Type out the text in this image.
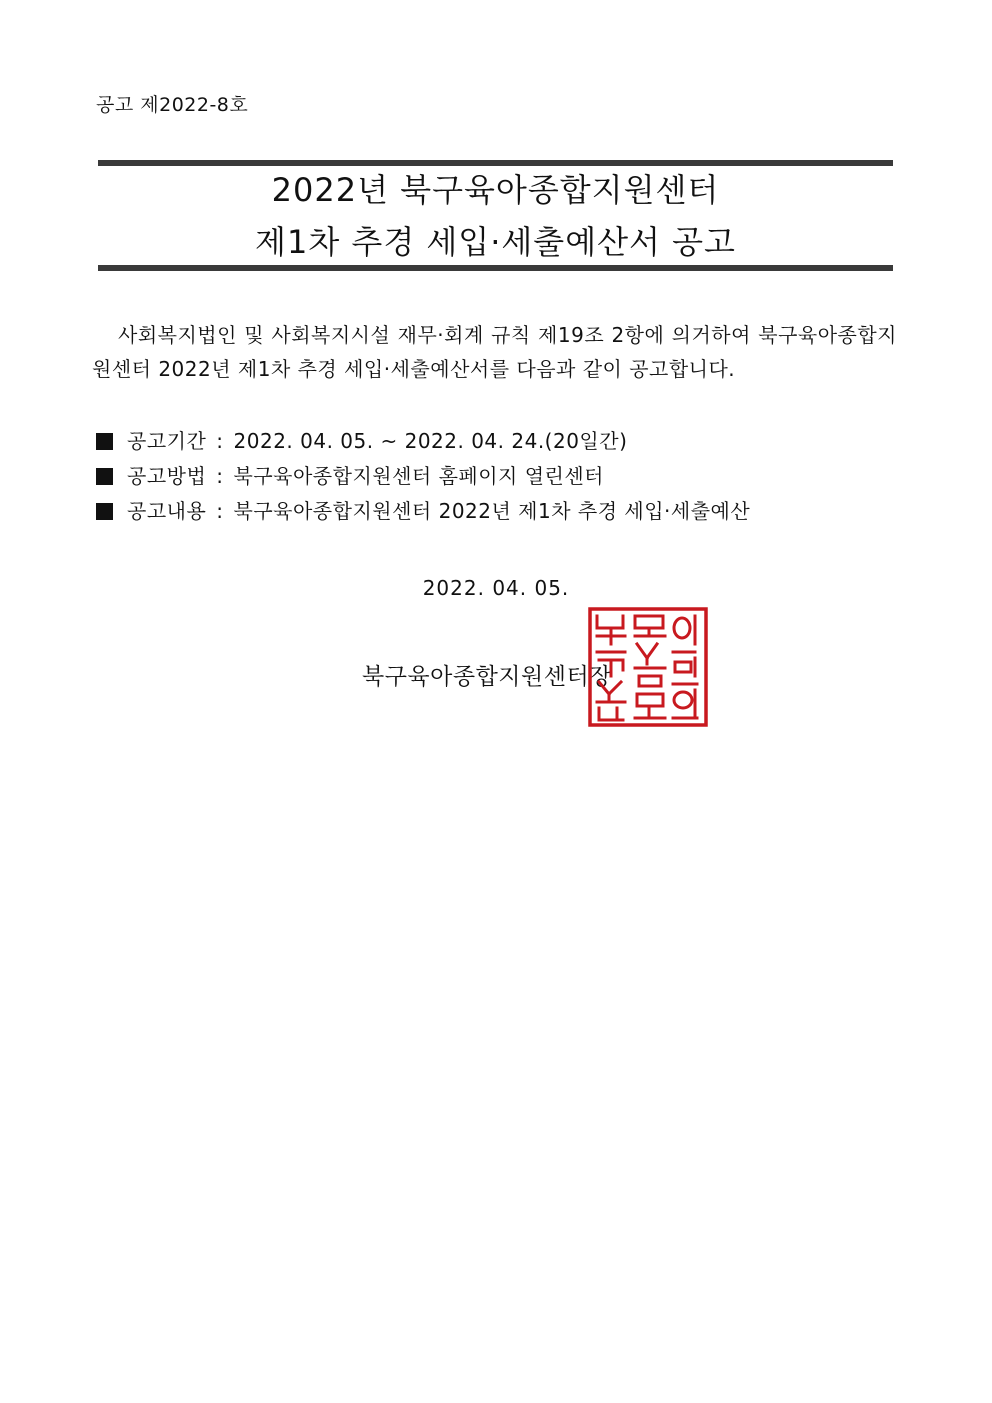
공고 제2022-8호
2022년 북구육아종합지원센터
제1차 추경 세입·세출예산서 공고

사회복지법인 및 사회복지시설 재무·회계 규칙 제19조 2항에 의거하여 북구육아종합지원센터 2022년 제1차 추경 세입·세출예산서를 다음과 같이 공고합니다.

공고기간 : 2022. 04. 05. ~ 2022. 04. 24.(20일간)
공고방법 : 북구육아종합지원센터 홈페이지 열린센터
공고내용 : 북구육아종합지원센터 2022년 제1차 추경 세입·세출예산
2022. 04. 05.
북구육아종합지원센터장
